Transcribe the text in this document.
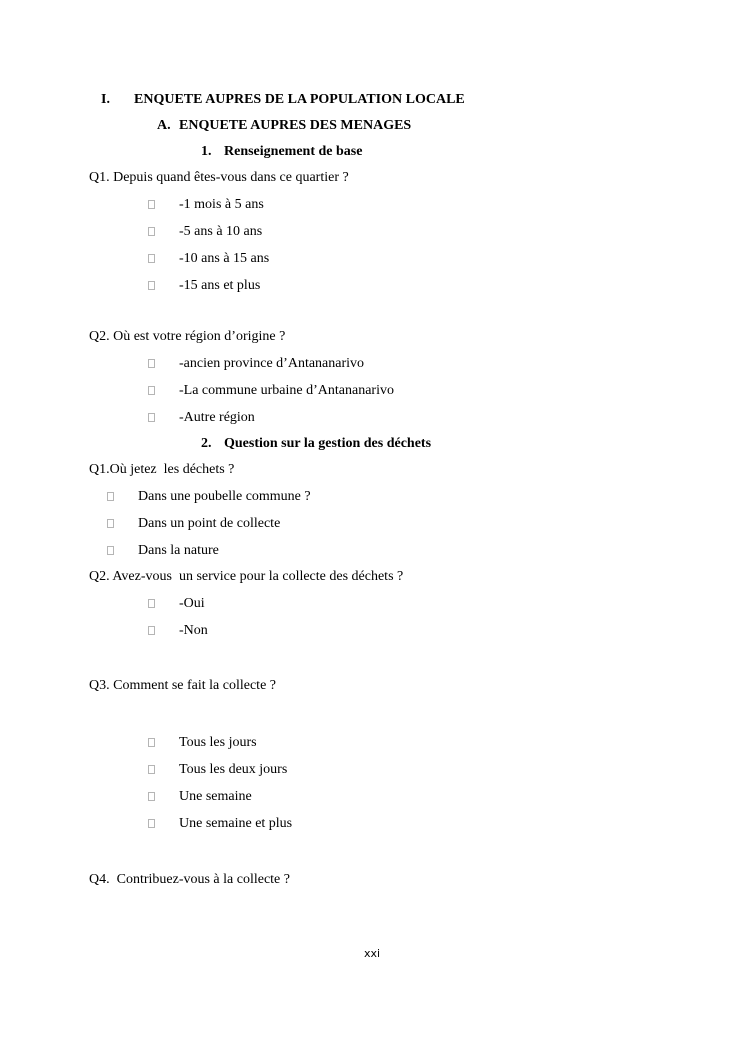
I. ENQUETE AUPRES DE LA POPULATION LOCALE
A. ENQUETE AUPRES DES MENAGES
1. Renseignement de base
Q1. Depuis quand êtes-vous dans ce quartier ?
-1 mois à 5 ans
-5 ans à 10 ans
-10 ans à 15 ans
-15 ans et plus
Q2. Où est votre région d’origine ?
-ancien province d’Antananarivo
-La commune urbaine d’Antananarivo
-Autre région
2. Question sur la gestion des déchets
Q1.Où jetez  les déchets ?
Dans une poubelle commune ?
Dans un point de collecte
Dans la nature
Q2. Avez-vous  un service pour la collecte des déchets ?
-Oui
-Non
Q3. Comment se fait la collecte ?
Tous les jours
Tous les deux jours
Une semaine
Une semaine et plus
Q4.  Contribuez-vous à la collecte ?
xxi
